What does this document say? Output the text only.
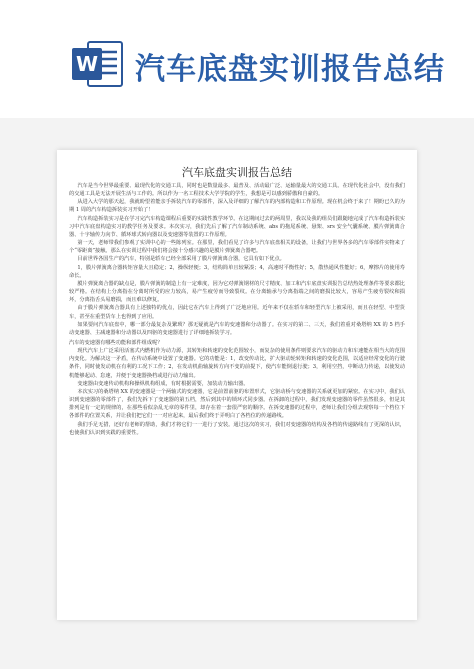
W 汽车底盘实训报告总结
汽车底盘实训报告总结

汽车是当今世界最重要、最现代化的交通工具，同时也是数量最多、最普及、活动最广泛、运输量最大的交通工具。在现代化社会中，没有我们的交通工具是无法开展生活与工作的。所以作为一名工程技术大学学院的学生，我想是可以感到骄傲和自豪的。

从进入大学的那天起，我就盼望着能亲手拆装汽车的零部件，深入及详细的了解汽车的内部构造和工作原理。现在机会终于来了！期盼已久的为期 1 周的汽车构造拆装实习开始了！

汽车构造拆装实习是在学习完汽车构造课程后重要的实践性教学环节。在这期间过去的两周里，我以及我的组员们跟随地完成了汽车构造拆装实习中汽车底盘构造实习的教学任务及要求。本次实习，我们先后了解了汽车制动系统、abs 的拖尾系统、悬架、srs 安全气囊系统、膜片弹簧离合器、十字轴传力向节、循环球式转向器以及变速器等装置的工作原理。

第一天，老师带我们参观了实训中心的一些陈列室。在那里，我们看见了许多与汽车底盘相关的设备，让我们与世界各多的汽车零部件实物来了个“零距离”接触。那么在实训过程中我们将会接十分感兴趣的是膜片弹簧离合器吧。

目前世界各国生产的汽车，特别是轿车已经全部采用了膜片弹簧离合器，它具有如下优点。

1，膜片弹簧离合器转矩容量大且稳定；2，操纵轻便；3，结构简单且较紧凑；4，高速时平衡性好；5，散热通风性能好；6，摩擦片的使用寿命长。

膜片弹簧离合器的缺点是，膜片弹簧的制造上有一定难度，因为它对弹簧钢材的尺寸精度、加工和汽车底盘实训报告总结热处理条件等要求都比较严格。在结构上分离指在分离时所受的应力较高，易产生疲劳而导致裂纹。在分离轴承与分离指端之间的磨损比较大，容易产生疲劳裂纹和损坏，分离指舌头易磨损，而且难以修复。

由于膜片弹簧离合器具有上述独特的优点，因此它在汽车上得到了广泛地应用。近年来不仅在轿车和轻型汽车上被采用，而且在轻型、中型货车，甚至在重型货车上也得到了应用。

如果要问汽车底盘中，哪一部分最复杂及繁琐？那无疑就是汽车的变速器和分动器了。在实习的第二、三天，我们着重对桑塔纳 XX 的 5 档手动变速器、主减速器和分动器以及四驱的变速器进行了详细地拆装学习。

汽车的变速器有哪些功能和部件组成呢？

现代汽车上广泛采用活塞式内燃机作为动力源，其转矩和转速的变化范围较小，而复杂的使用条件则要求汽车的驱动力和车速能在相当大的范围内变化。为解决这一矛盾，在传动系统中设置了变速器。它的功能是：1，改变传动比，扩大驱动轮转矩和转速的变化范围，以适应经常变化的行驶条件，同时使发动机在有利的工况下工作；2，在发动机曲轴旋转方向不变的前提下，使汽车能倒退行驶；3，利用空挡，中断动力传递，以使发动机能够起动、怠速，并便于变速器换档或进行动力输出。

变速器由变速传动机构和操纵机构组成，有时根据需要，加装动力输出器。

本次实习的桑塔纳 XX 的变速器是一个两轴式的变速器，它是前置前驱的布置形式，它驱动桥与变速器的关系就更加的紧密。在实习中，我们认识到变速器的零部件了，我们先拆下了变速器的第五档，然后到其中的锁环式同步器。在拆卸的过程中，我们发现变速器的零件虽然很多，但是其排列是有一定的规律的，在那些看似杂乱无章的零件里，却存在着一套很严密的顺序。在拆变速器的过程中，老师让我们分组去观察每一个档位下各部件的位置关系，并让我们把它们一一对应起来，最后我们终于弄明白了各档位的传递路线。

我们手足无措，还好有老师的帮助，我们才将它们一一进行了安装。通过这次的实习，我们对变速器的结构及各档的传递路线有了更深的认识，也使我们认识到实践的重要性。
